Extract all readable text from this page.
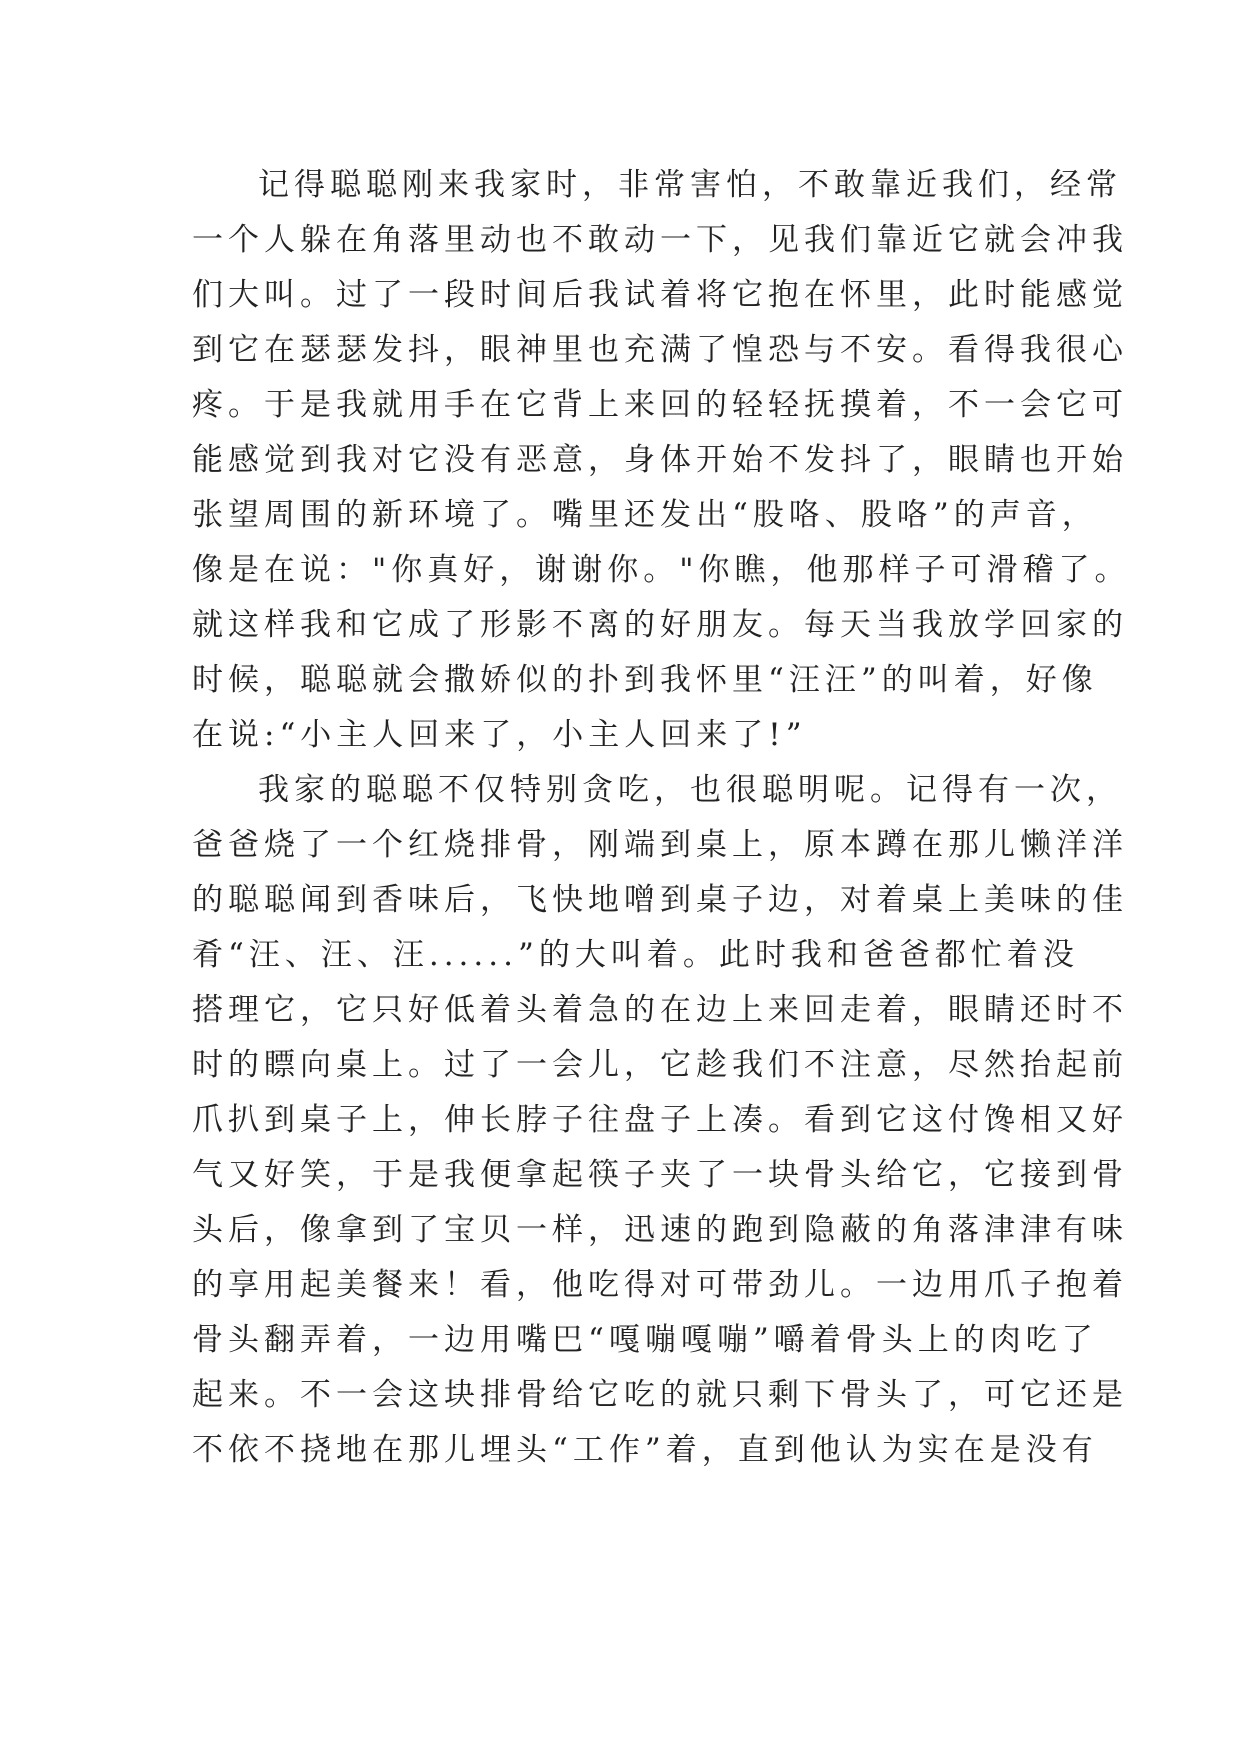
记得聪聪刚来我家时，非常害怕，不敢靠近我们，经常
一个人躲在角落里动也不敢动一下，见我们靠近它就会冲我
们大叫。过了一段时间后我试着将它抱在怀里，此时能感觉
到它在瑟瑟发抖，眼神里也充满了惶恐与不安。看得我很心
疼。于是我就用手在它背上来回的轻轻抚摸着，不一会它可
能感觉到我对它没有恶意，身体开始不发抖了，眼睛也开始
张望周围的新环境了。嘴里还发出“股咯、股咯”的声音，
像是在说："你真好，谢谢你。"你瞧，他那样子可滑稽了。
就这样我和它成了形影不离的好朋友。每天当我放学回家的
时候，聪聪就会撒娇似的扑到我怀里“汪汪”的叫着，好像
在说:“小主人回来了，小主人回来了!”
我家的聪聪不仅特别贪吃，也很聪明呢。记得有一次，
爸爸烧了一个红烧排骨，刚端到桌上，原本蹲在那儿懒洋洋
的聪聪闻到香味后，飞快地噌到桌子边，对着桌上美味的佳
肴“汪、汪、汪......”的大叫着。此时我和爸爸都忙着没
搭理它，它只好低着头着急的在边上来回走着，眼睛还时不
时的瞟向桌上。过了一会儿，它趁我们不注意，尽然抬起前
爪扒到桌子上，伸长脖子往盘子上凑。看到它这付馋相又好
气又好笑，于是我便拿起筷子夹了一块骨头给它，它接到骨
头后，像拿到了宝贝一样，迅速的跑到隐蔽的角落津津有味
的享用起美餐来！看，他吃得对可带劲儿。一边用爪子抱着
骨头翻弄着，一边用嘴巴“嘎嘣嘎嘣”嚼着骨头上的肉吃了
起来。不一会这块排骨给它吃的就只剩下骨头了，可它还是
不依不挠地在那儿埋头“工作”着，直到他认为实在是没有
